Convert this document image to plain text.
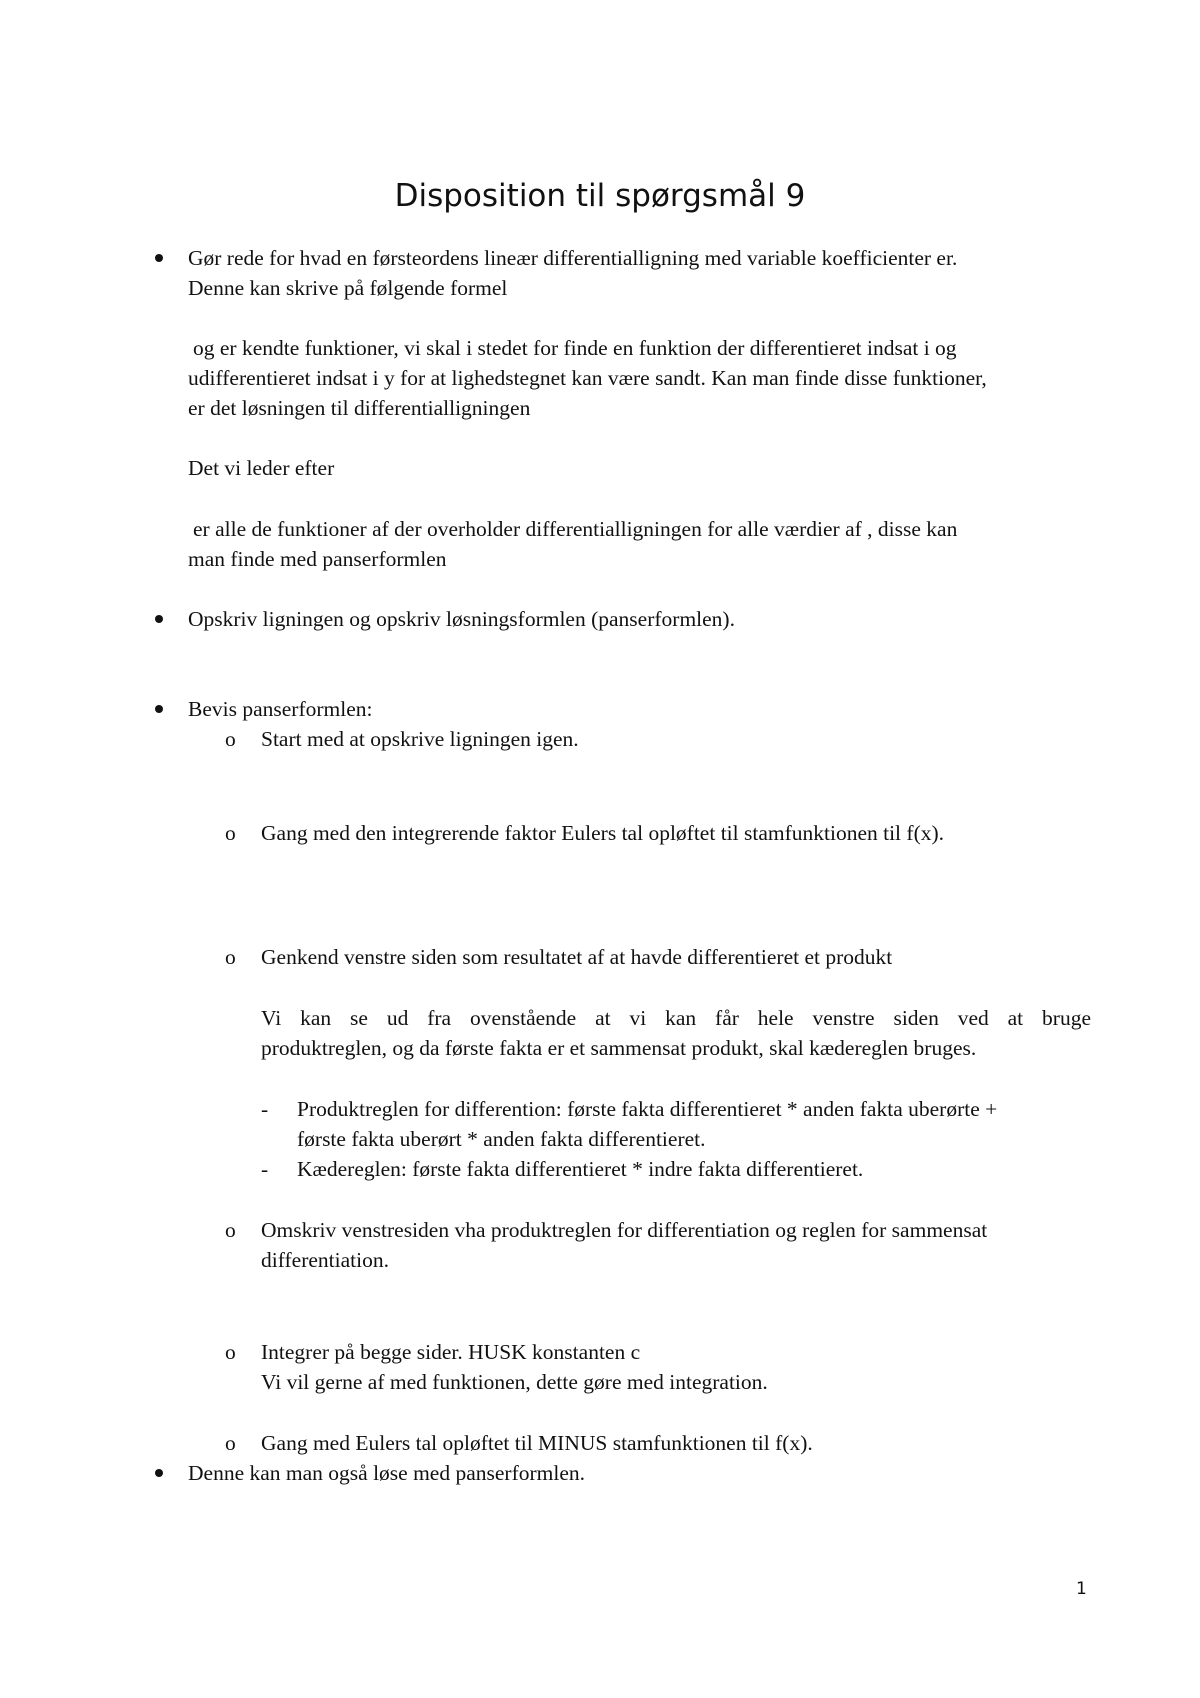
Disposition til spørgsmål 9
Gør rede for hvad en førsteordens lineær differentialligning med variable koefficienter er.
Denne kan skrive på følgende formel
og er kendte funktioner, vi skal i stedet for finde en funktion der differentieret indsat i og
udifferentieret indsat i y for at lighedstegnet kan være sandt. Kan man finde disse funktioner,
er det løsningen til differentialligningen
Det vi leder efter
er alle de funktioner af der overholder differentialligningen for alle værdier af , disse kan
man finde med panserformlen
Opskriv ligningen og opskriv løsningsformlen (panserformlen).
Bevis panserformlen:
o Start med at opskrive ligningen igen.
o Gang med den integrerende faktor Eulers tal opløftet til stamfunktionen til f(x).
o Genkend venstre siden som resultatet af at havde differentieret et produkt
Vi kan se ud fra ovenstående at vi kan får hele venstre siden ved at bruge
produktreglen, og da første fakta er et sammensat produkt, skal kædereglen bruges.
- Produktreglen for differention: første fakta differentieret * anden fakta uberørte +
første fakta uberørt * anden fakta differentieret.
- Kædereglen: første fakta differentieret * indre fakta differentieret.
o Omskriv venstresiden vha produktreglen for differentiation og reglen for sammensat
differentiation.
o Integrer på begge sider. HUSK konstanten c
Vi vil gerne af med funktionen, dette gøre med integration.
o Gang med Eulers tal opløftet til MINUS stamfunktionen til f(x).
Denne kan man også løse med panserformlen.
1
